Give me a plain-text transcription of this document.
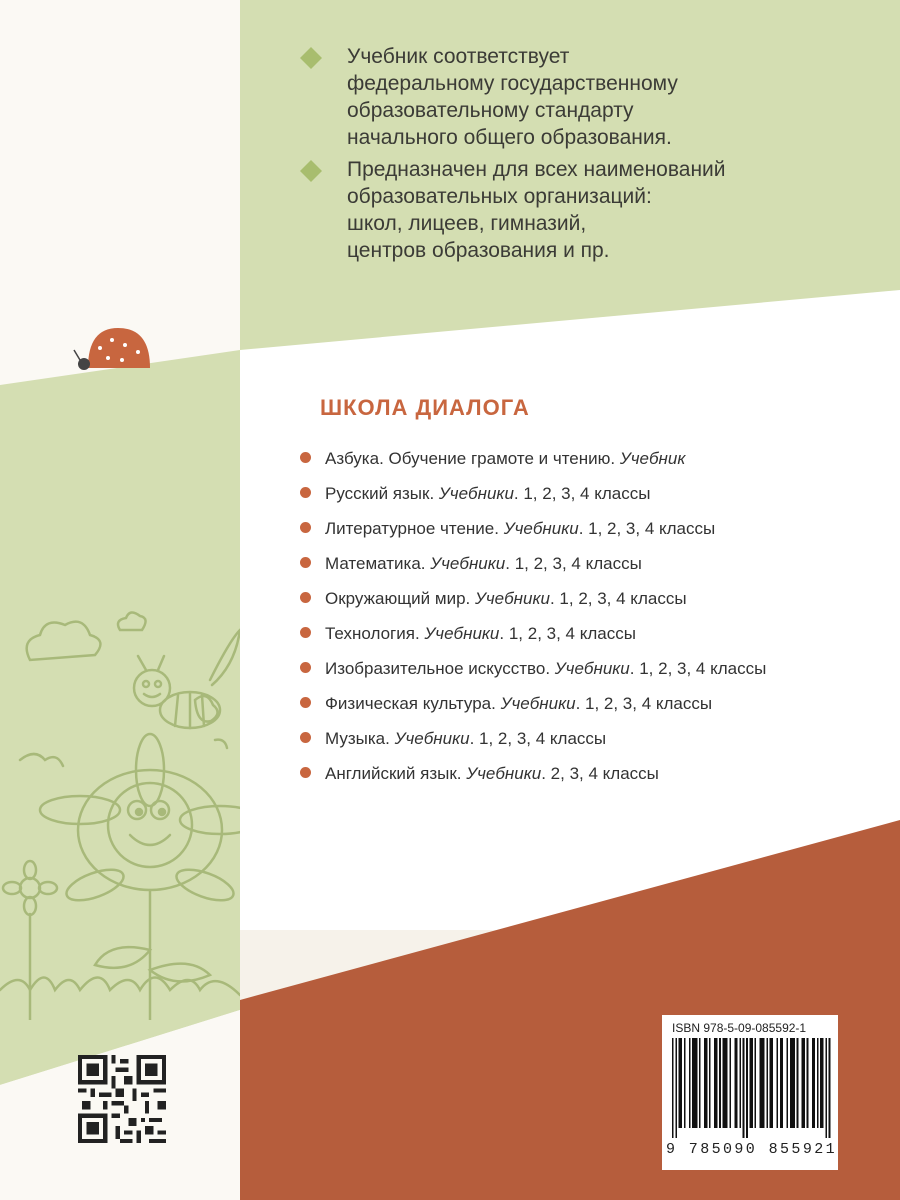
Учебник соответствует
федеральному государственному
образовательному стандарту
начального общего образования.
Предназначен для всех наименований
образовательных организаций:
школ, лицеев, гимназий,
центров образования и пр.
ШКОЛА ДИАЛОГА
Азбука. Обучение грамоте и чтению. Учебник
Русский язык. Учебники. 1, 2, 3, 4 классы
Литературное чтение. Учебники. 1, 2, 3, 4 классы
Математика. Учебники. 1, 2, 3, 4 классы
Окружающий мир. Учебники. 1, 2, 3, 4 классы
Технология. Учебники. 1, 2, 3, 4 классы
Изобразительное искусство. Учебники. 1, 2, 3, 4 классы
Физическая культура. Учебники. 1, 2, 3, 4 классы
Музыка. Учебники. 1, 2, 3, 4 классы
Английский язык. Учебники. 2, 3, 4 классы
ISBN 978-5-09-085592-1
9 785090 855921
